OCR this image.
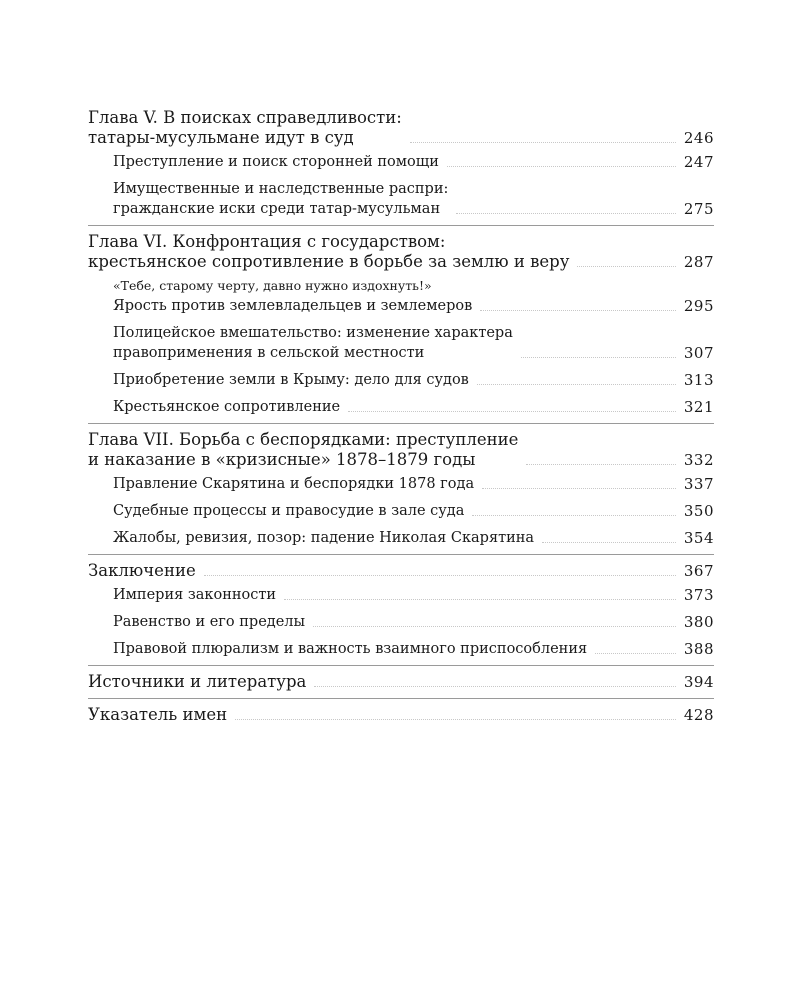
Глава V. В поисках справедливости:
татары-мусульмане идут в суд	246
Преступление и поиск сторонней помощи	247
Имущественные и наследственные распри:
гражданские иски среди татар-мусульман	275
Глава VI. Конфронтация с государством:
крестьянское сопротивление в борьбе за землю и веру	287
«Тебе, старому черту, давно нужно издохнуть!»
Ярость против землевладельцев и землемеров	295
Полицейское вмешательство: изменение характера
правоприменения в сельской местности	307
Приобретение земли в Крыму: дело для судов	313
Крестьянское сопротивление	321
Глава VII. Борьба с беспорядками: преступление
и наказание в «кризисные» 1878–1879 годы	332
Правление Скарятина и беспорядки 1878 года	337
Судебные процессы и правосудие в зале суда	350
Жалобы, ревизия, позор: падение Николая Скарятина	354
Заключение	367
Империя законности	373
Равенство и его пределы	380
Правовой плюрализм и важность взаимного приспособления	388
Источники и литература	394
Указатель имен	428
